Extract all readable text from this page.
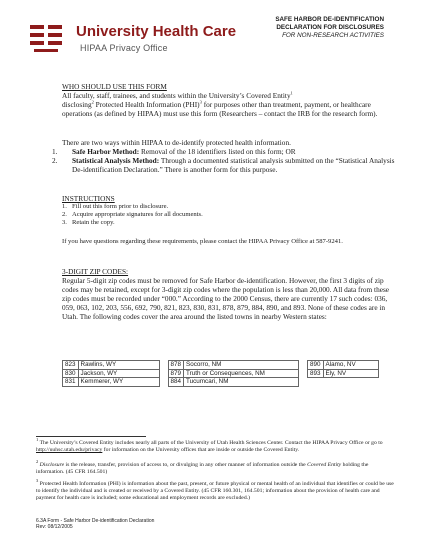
University Health Care
HIPAA Privacy Office
SAFE HARBOR DE-IDENTIFICATION
DECLARATION FOR DISCLOSURES
FOR NON-RESEARCH ACTIVITIES
WHO SHOULD USE THIS FORM
All faculty, staff, trainees, and students within the University’s Covered Entity$^1$
disclosing$^2$ Protected Health Information (PHI)$^3$ for purposes other than treatment, payment, or healthcare operations (as defined by HIPAA) must use this form (Researchers – contact the IRB for the research form).
There are two ways within HIPAA to de-identify protected health information.
1. Safe Harbor Method: Removal of the 18 identifiers listed on this form; OR
2. Statistical Analysis Method: Through a documented statistical analysis submitted on the “Statistical Analysis De-identification Declaration.” There is another form for this purpose.
INSTRUCTIONS
1. Fill out this form prior to disclosure.
2. Acquire appropriate signatures for all documents.
3. Retain the copy.
If you have questions regarding these requirements, please contact the HIPAA Privacy Office at 587-9241.
3-DIGIT ZIP CODES:
Regular 5-digit zip codes must be removed for Safe Harbor de-identification. However, the first 3 digits of zip codes may be retained, except for 3-digit zip codes where the population is less than 20,000. All data from these zip codes must be recorded under “000.” According to the 2000 Census, there are currently 17 such codes: 036, 059, 063, 102, 203, 556, 692, 790, 821, 823, 830, 831, 878, 879, 884, 890, and 893. None of these codes are in Utah. The following codes cover the area around the listed towns in nearby Western states:
823	Rawlins, WY		878	Socorro, NM		890	Alamo, NV
830	Jackson, WY		879	Truth or Consequences, NM		893	Ely, NV
831	Kemmerer, WY		884	Tucumcari, NM			
$^1$ The University’s Covered Entity includes nearly all parts of the University of Utah Health Sciences Center. Contact the HIPAA Privacy Office or go to http://uuhsc.utah.edu/privacy for information on the University offices that are inside or outside the Covered Entity.
$^2$ Disclosure is the release, transfer, provision of access to, or divulging in any other manner of information outside the Covered Entity holding the information. (45 CFR 164.501)
$^3$ Protected Health Information (PHI) is information about the past, present, or future physical or mental health of an individual that identifies or could be use to identify the individual and is created or received by a Covered Entity. (45 CFR 160.301, 164.501; information about the provision of health care and payment for health care is included; some educational and employment records are excluded.)
6.3A Form - Safe Harbor De-identification Declaration
Rev: 08/12/2005
